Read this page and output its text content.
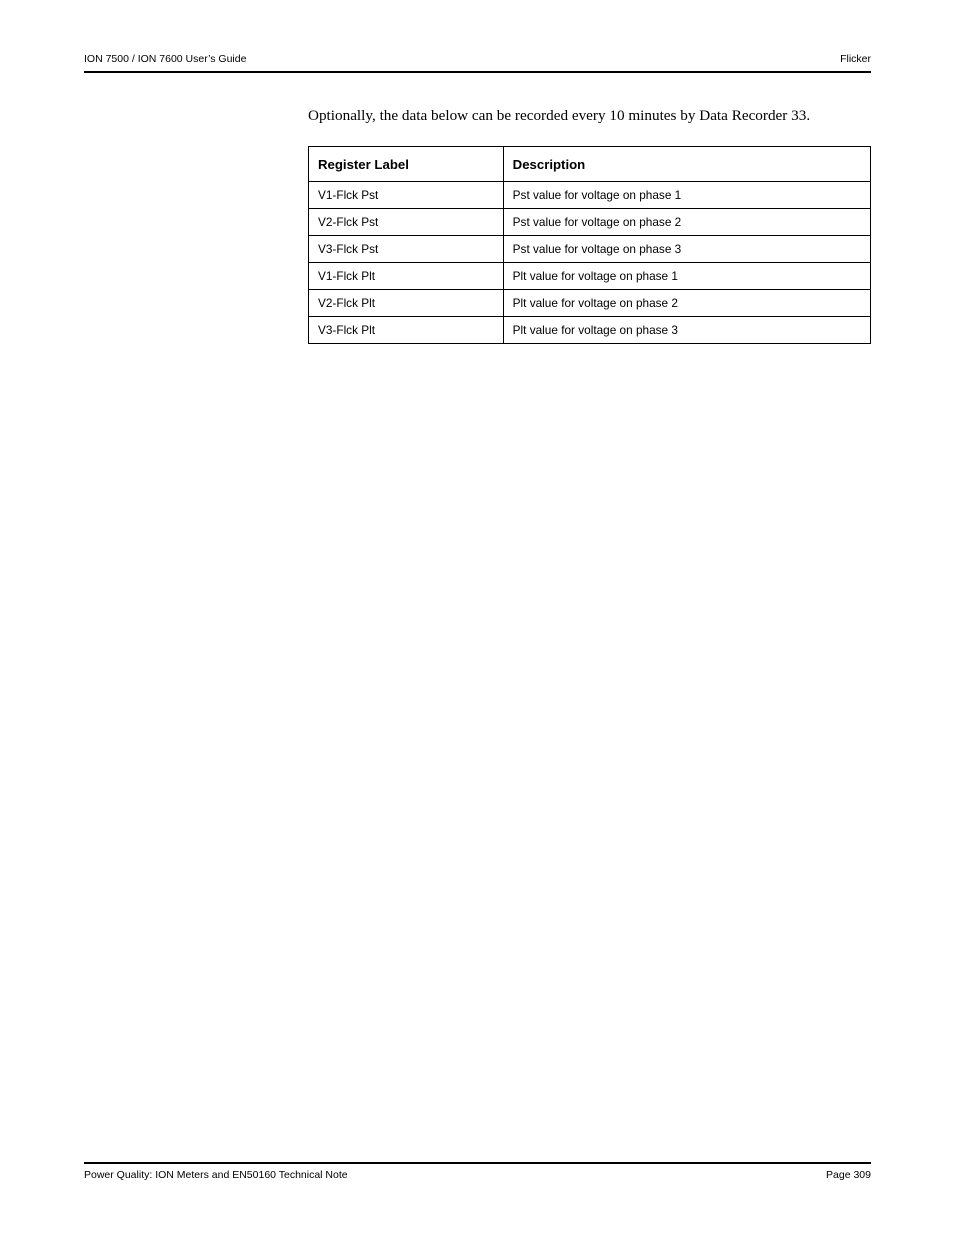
ION 7500 / ION 7600 User’s Guide	Flicker
Optionally, the data below can be recorded every 10 minutes by Data Recorder 33.
Register Label	Description
V1-Flck Pst	Pst value for voltage on phase 1
V2-Flck Pst	Pst value for voltage on phase 2
V3-Flck Pst	Pst value for voltage on phase 3
V1-Flck Plt	Plt value for voltage on phase 1
V2-Flck Plt	Plt value for voltage on phase 2
V3-Flck Plt	Plt value for voltage on phase 3
Power Quality: ION Meters and EN50160 Technical Note	Page 309
